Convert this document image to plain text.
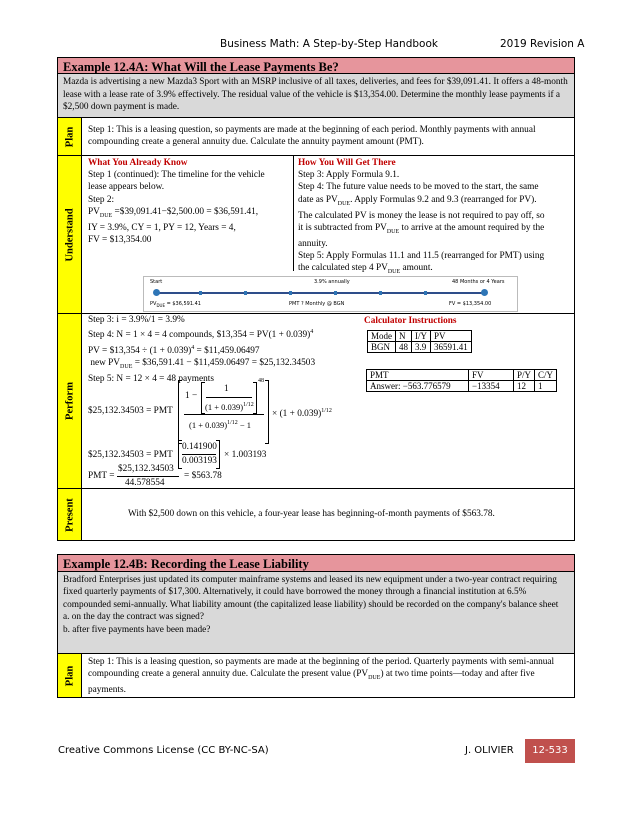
Business Math: A Step-by-Step Handbook	2019 Revision A
Example 12.4A: What Will the Lease Payments Be?
Mazda is advertising a new Mazda3 Sport with an MSRP inclusive of all taxes, deliveries, and fees for $39,091.41. It offers a 48-month lease with a lease rate of 3.9% effectively. The residual value of the vehicle is $13,354.00. Determine the monthly lease payments if a $2,500 down payment is made.
Plan Step 1: This is a leasing question, so payments are made at the beginning of each period. Monthly payments with annual compounding create a general annuity due. Calculate the annuity payment amount (PMT).
Understand
What You Already Know
Step 1 (continued): The timeline for the vehicle
lease appears below.
Step 2:
$PV_{DUE}$ =$39,091.41−$2,500.00 = $36,591.41,
IY = 3.9%, CY = 1, PY = 12, Years = 4,
FV = $13,354.00
How You Will Get There
Step 3: Apply Formula 9.1.
Step 4: The future value needs to be moved to the start, the same
date as $PV_{DUE}$. Apply Formulas 9.2 and 9.3 (rearranged for PV).
The calculated PV is money the lease is not required to pay off, so
it is subtracted from $PV_{DUE}$ to arrive at the amount required by the
annuity.
Step 5: Apply Formulas 11.1 and 11.5 (rearranged for PMT) using
the calculated step 4 $PV_{DUE}$ amount.
Start	3.9% annually	48 Months or 4 Years
$PV_{DUE}$ = $36,591.41	PMT ? Monthly @ BGN	FV = $13,354.00
Perform
Step 3: i = 3.9%/1 = 3.9%
Step 4: N = 1 × 4 = 4 compounds, $13,354 = $PV(1 + 0.039)^4$
PV = $13,354 ÷ $(1 + 0.039)^4$ = $11,459.06497
new $PV_{DUE}$ = $36,591.41 − $11,459.06497 = $25,132.34503
Step 5: N = 12 × 4 = 48 payments
$25,132.34503 = PMT
1 −
1
$(1 + 0.039)^{1/12}$
48
$(1 + 0.039)^{1/12} - 1$
× $(1 + 0.039)^{1/12}$
$25,132.34503 = PMT
0.141900
0.003193
× 1.003193
PMT =
$25,132.34503
44.578554
= $563.78
Calculator Instructions
Mode	N	I/Y	PV
BGN	48	3.9	36591.41
PMT	FV	P/Y	C/Y
Answer: −563.776579	−13354	12	1
Present	With $2,500 down on this vehicle, a four-year lease has beginning-of-month payments of $563.78.
Example 12.4B: Recording the Lease Liability
Bradford Enterprises just updated its computer mainframe systems and leased its new equipment under a two-year contract requiring fixed quarterly payments of $17,300. Alternatively, it could have borrowed the money through a financial institution at 6.5% compounded semi-annually. What liability amount (the capitalized lease liability) should be recorded on the company's balance sheet
a. on the day the contract was signed?
b. after five payments have been made?
Plan
Step 1: This is a leasing question, so payments are made at the beginning of the period. Quarterly payments with semi-annual compounding create a general annuity due. Calculate the present value $(PV_{DUE})$ at two time points—today and after five payments.
Creative Commons License (CC BY-NC-SA)	J. OLIVIER	12-533
